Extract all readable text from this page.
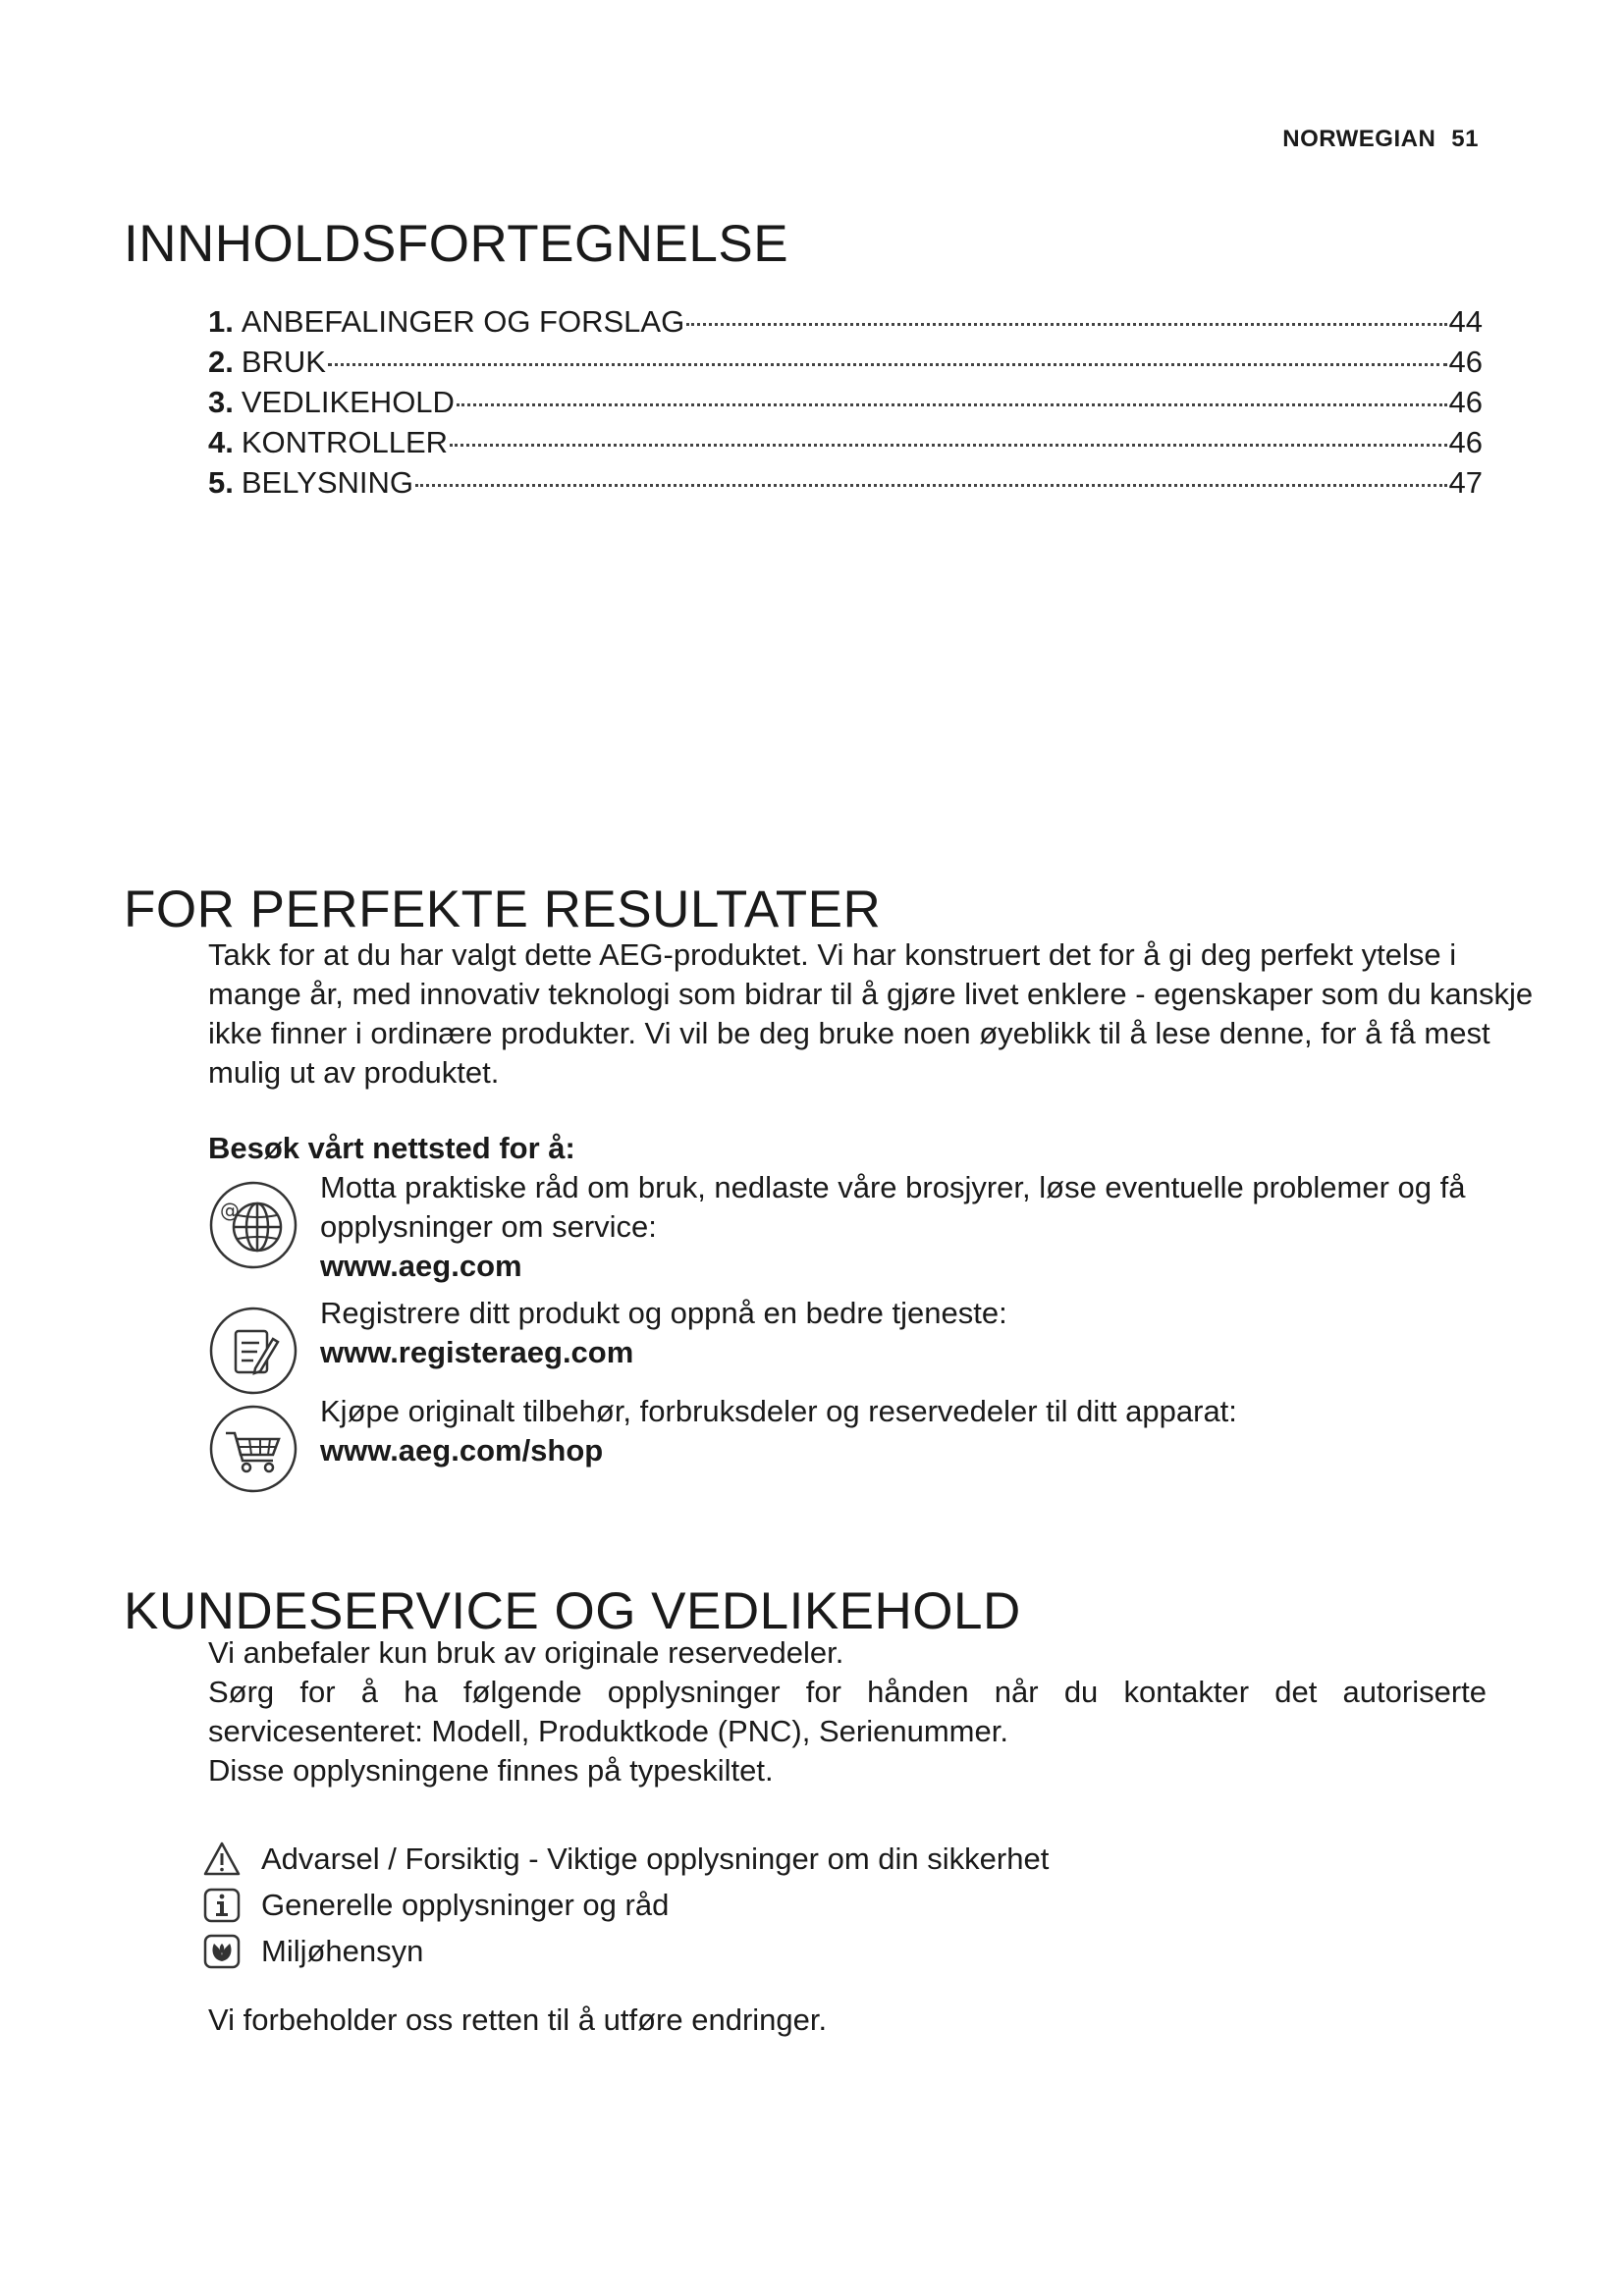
NORWEGIAN 51
INNHOLDSFORTEGNELSE
1. ANBEFALINGER OG FORSLAG	44
2. BRUK	46
3. VEDLIKEHOLD	46
4. KONTROLLER	46
5. BELYSNING	47
FOR PERFEKTE RESULTATER
Takk for at du har valgt dette AEG-produktet. Vi har konstruert det for å gi deg perfekt ytelse i mange år, med innovativ teknologi som bidrar til å gjøre livet enklere - egenskaper som du kanskje ikke finner i ordinære produkter. Vi vil be deg bruke noen øyeblikk til å lese denne, for å få mest mulig ut av produktet.
Besøk vårt nettsted for å:
@
Motta praktiske råd om bruk, nedlaste våre brosjyrer, løse eventuelle problemer og få opplysninger om service:
www.aeg.com
Registrere ditt produkt og oppnå en bedre tjeneste:
www.registeraeg.com
Kjøpe originalt tilbehør, forbruksdeler og reservedeler til ditt apparat:
www.aeg.com/shop
KUNDESERVICE OG VEDLIKEHOLD

Vi anbefaler kun bruk av originale reservedeler.

Sørg for å ha følgende opplysninger for hånden når du kontakter det autoriserte servicesenteret: Modell, Produktkode (PNC), Serienummer.

Disse opplysningene finnes på typeskiltet.

Advarsel / Forsiktig - Viktige opplysninger om din sikkerhet
Generelle opplysninger og råd
Miljøhensyn
Vi forbeholder oss retten til å utføre endringer.
